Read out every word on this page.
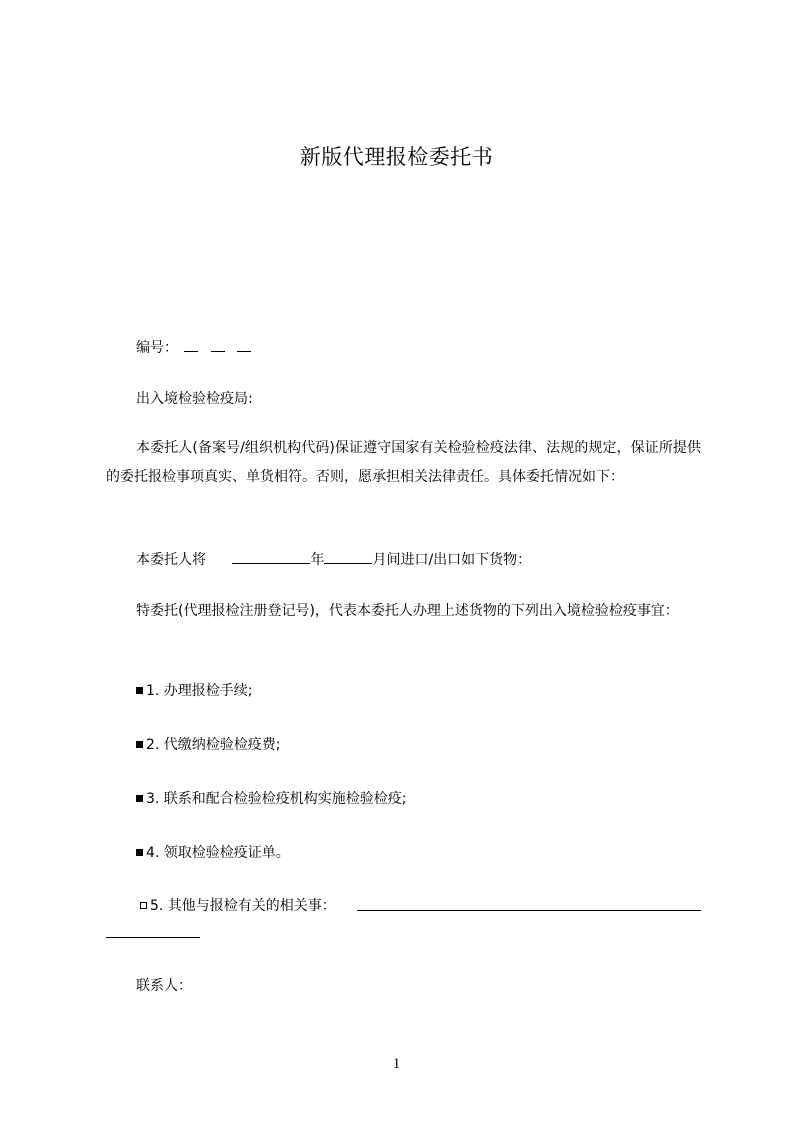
新版代理报检委托书
编号：
出入境检验检疫局:
本委托人(备案号/组织机构代码)保证遵守国家有关检验检疫法律、法规的规定，保证所提供的委托报检事项真实、单货相符。否则，愿承担相关法律责任。具体委托情况如下：
本委托人将	年	月间进口/出口如下货物：
特委托(代理报检注册登记号)，代表本委托人办理上述货物的下列出入境检验检疫事宜：
1. 办理报检手续;
2. 代缴纳检验检疫费;
3. 联系和配合检验检疫机构实施检验检疫;
4. 领取检验检疫证单。
5. 其他与报检有关的相关事：
联系人：
1
